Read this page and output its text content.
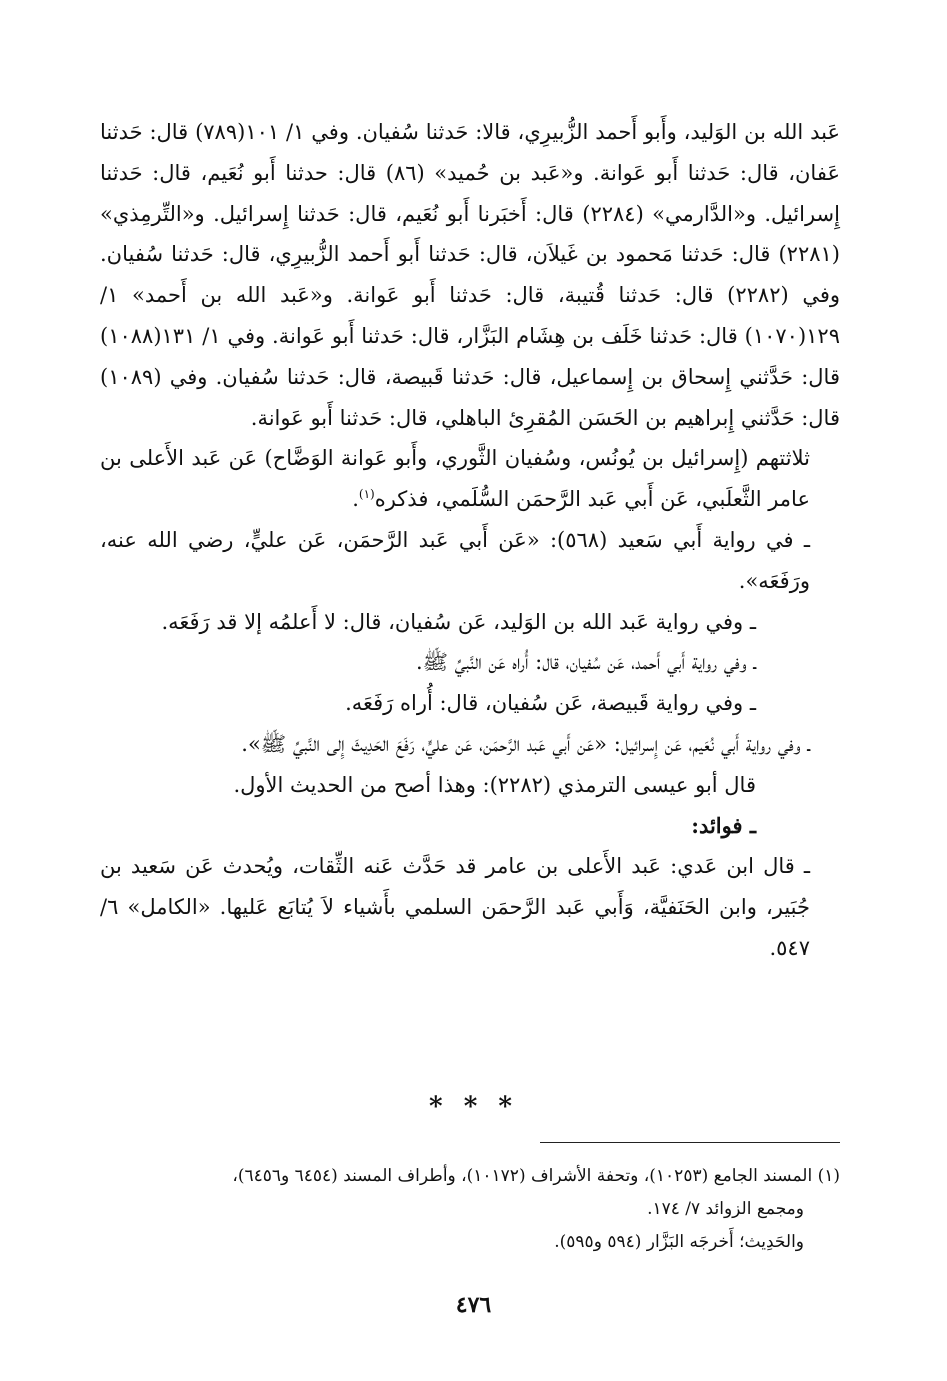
عَبد الله بن الوَليد، وأَبو أَحمد الزُّبيرِي، قالا: حَدثنا سُفيان. وفي ١/ ١٠١(٧٨٩) قال: حَدثنا عَفان، قال: حَدثنا أَبو عَوانة. و«عَبد بن حُميد» (٨٦) قال: حدثنا أَبو نُعَيم، قال: حَدثنا إِسرائيل. و«الدَّارمي» (٢٢٨٤) قال: أَخبَرنا أَبو نُعَيم، قال: حَدثنا إِسرائيل. و«التِّرمِذي» (٢٢٨١) قال: حَدثنا مَحمود بن غَيلاَن، قال: حَدثنا أَبو أَحمد الزُّبيرِي، قال: حَدثنا سُفيان. وفي (٢٢٨٢) قال: حَدثنا قُتيبة، قال: حَدثنا أَبو عَوانة. و«عَبد الله بن أَحمد» ١/ ١٢٩(١٠٧٠) قال: حَدثنا خَلَف بن هِشَام البَزَّار، قال: حَدثنا أَبو عَوانة. وفي ١/ ١٣١(١٠٨٨) قال: حَدَّثني إِسحاق بن إِسماعيل، قال: حَدثنا قَبيصة، قال: حَدثنا سُفيان. وفي (١٠٨٩) قال: حَدَّثني إِبراهيم بن الحَسَن المُقرِئ الباهلي، قال: حَدثنا أَبو عَوانة.

ثلاثتهم (إِسرائيل بن يُونُس، وسُفيان الثَّوري، وأَبو عَوانة الوَضَّاح) عَن عَبد الأَعلى بن عامر الثَّعلَبي، عَن أَبي عَبد الرَّحمَن السُّلَمي، فذكره$^{(١)}$.

ـ في رواية أَبي سَعيد (٥٦٨): «عَن أَبي عَبد الرَّحمَن، عَن عليٍّ، رضي الله عنه، ورَفَعَه».

ـ وفي رواية عَبد الله بن الوَليد، عَن سُفيان، قال: لا أَعلمُه إلا قد رَفَعَه.

ـ وفي رواية أَبي أَحمد، عَن سُفيان، قال: أُراه عَن النَّبيِّ ﷺ.

ـ وفي رواية قَبيصة، عَن سُفيان، قال: أُراه رَفَعَه.

ـ وفي رواية أَبي نُعَيم، عَن إِسرائيل: «عَن أَبي عَبد الرَّحمَن، عَن عليٍّ، رَفَعَ الحَدِيثَ إِلى النَّبيِّ ﷺ».

قال أبو عيسى الترمذي (٢٢٨٢): وهذا أصح من الحديث الأول.

ـ فوائد:

ـ قال ابن عَدي: عَبد الأَعلى بن عامر قد حَدَّث عَنه الثِّقات، ويُحدث عَن سَعيد بن جُبَير، وابن الحَنَفيَّة، وَأَبي عَبد الرَّحمَن السلمي بأَشياء لاَ يُتابَع عَليها. «الكامل» ٦/ ٥٤٧.

* * *

(١) المسند الجامع (١٠٢٥٣)، وتحفة الأشراف (١٠١٧٢)، وأطراف المسند (٦٤٥٤ و٦٤٥٦)،

ومجمع الزوائد ٧/ ١٧٤.

والحَدِيث؛ أَخرجَه البَزَّار (٥٩٤ و٥٩٥).

٤٧٦
